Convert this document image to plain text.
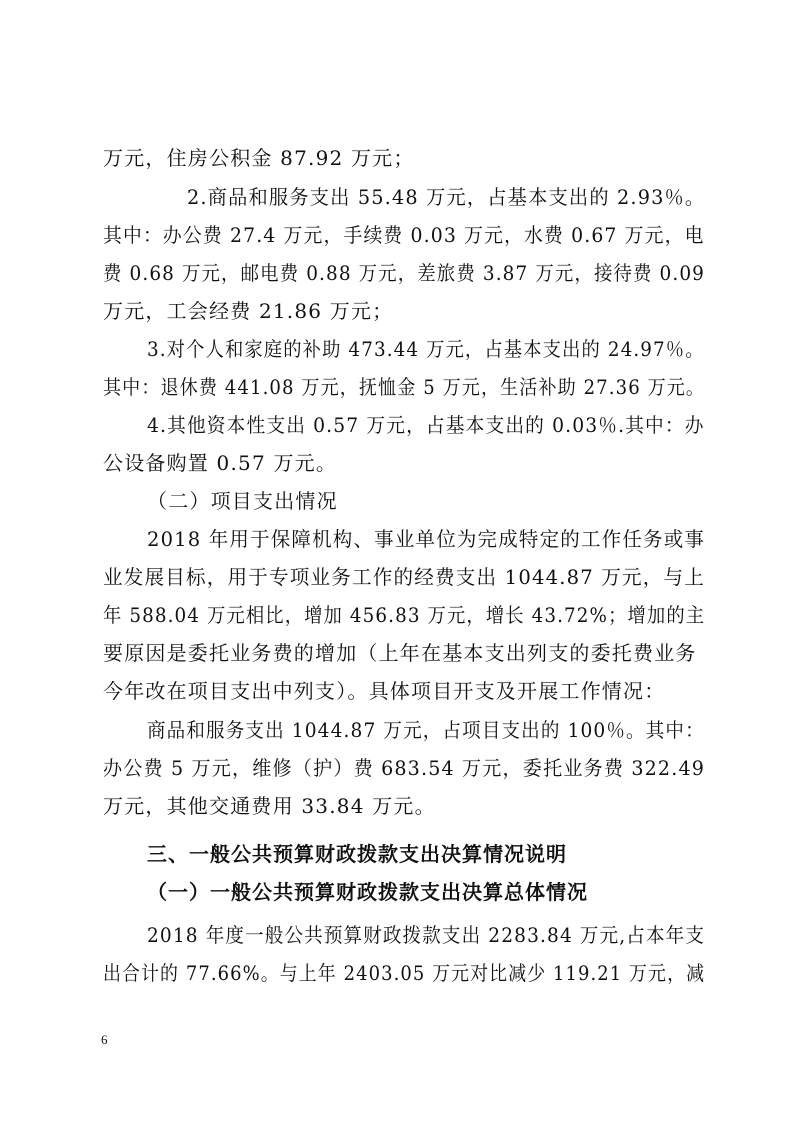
万元，住房公积金 87.92 万元；
2.商品和服务支出 55.48 万元，占基本支出的 2.93％。
其中：办公费 27.4 万元，手续费 0.03 万元，水费 0.67 万元，电
费 0.68 万元，邮电费 0.88 万元，差旅费 3.87 万元，接待费 0.09
万元，工会经费 21.86 万元；
3.对个人和家庭的补助 473.44 万元，占基本支出的 24.97％。
其中：退休费 441.08 万元，抚恤金 5 万元，生活补助 27.36 万元。
4.其他资本性支出 0.57 万元，占基本支出的 0.03％.其中：办
公设备购置 0.57 万元。
（二）项目支出情况
2018 年用于保障机构、事业单位为完成特定的工作任务或事
业发展目标，用于专项业务工作的经费支出 1044.87 万元，与上
年 588.04 万元相比，增加 456.83 万元，增长 43.72%；增加的主
要原因是委托业务费的增加（上年在基本支出列支的委托费业务
今年改在项目支出中列支）。具体项目开支及开展工作情况：
商品和服务支出 1044.87 万元，占项目支出的 100％。其中：
办公费 5 万元，维修（护）费 683.54 万元，委托业务费 322.49
万元，其他交通费用 33.84 万元。
三、一般公共预算财政拨款支出决算情况说明
（一）一般公共预算财政拨款支出决算总体情况
2018 年度一般公共预算财政拨款支出 2283.84 万元,占本年支
出合计的 77.66%。与上年 2403.05 万元对比减少 119.21 万元，减
6
